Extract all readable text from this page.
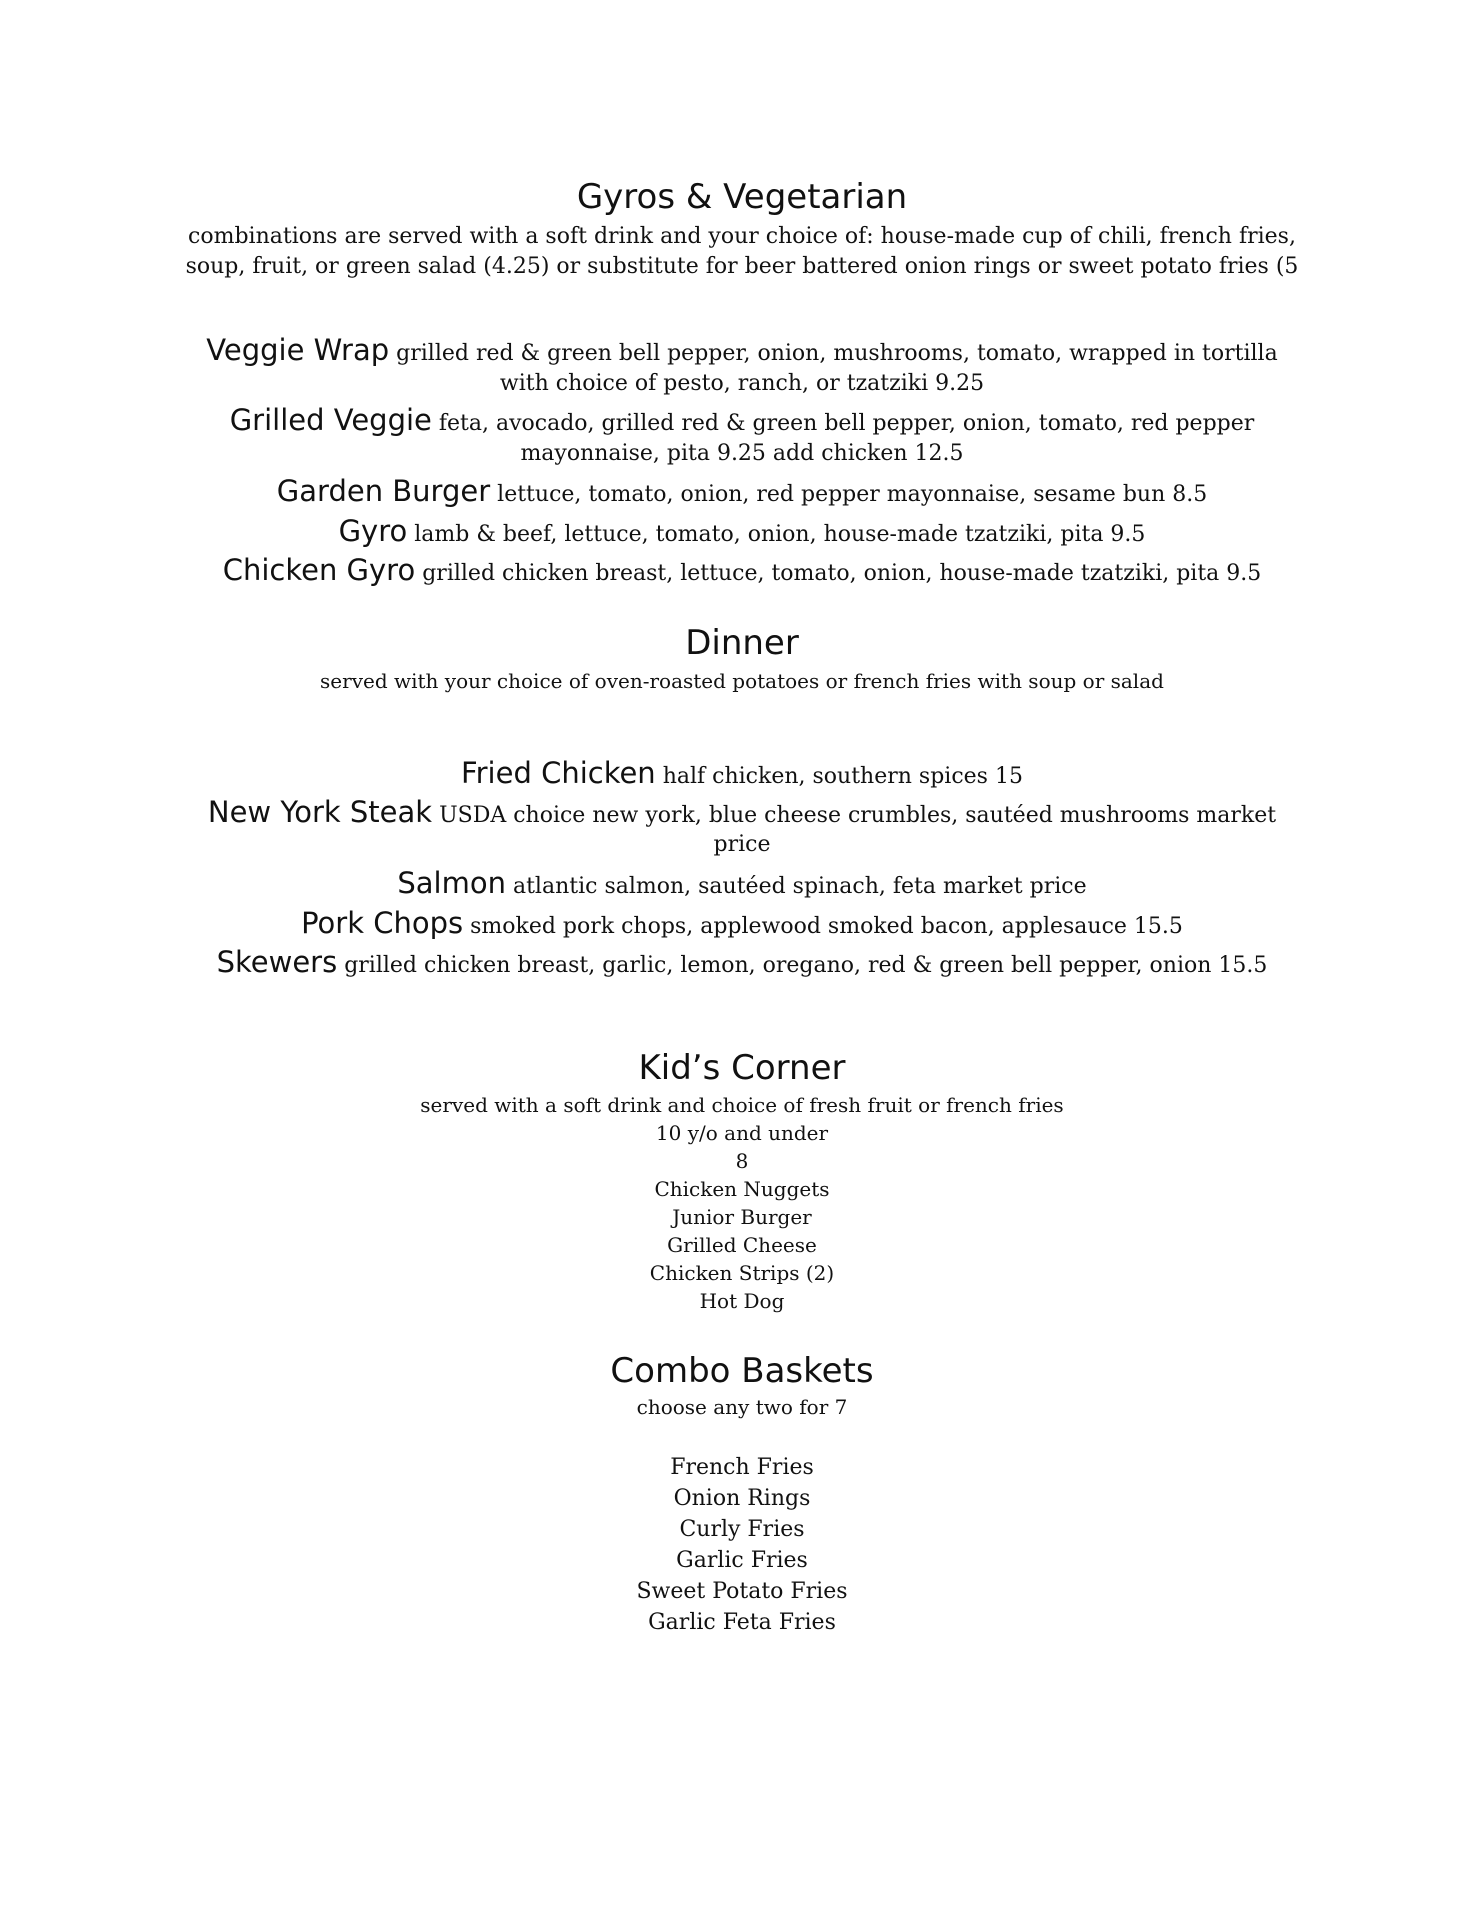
Gyros & Vegetarian
combinations are served with a soft drink and your choice of: house-made cup of chili, french fries,
soup, fruit, or green salad (4.25) or substitute for beer battered onion rings or sweet potato fries (5
Veggie Wrap grilled red & green bell pepper, onion, mushrooms, tomato, wrapped in tortilla
with choice of pesto, ranch, or tzatziki 9.25
Grilled Veggie feta, avocado, grilled red & green bell pepper, onion, tomato, red pepper
mayonnaise, pita 9.25 add chicken 12.5
Garden Burger lettuce, tomato, onion, red pepper mayonnaise, sesame bun 8.5
Gyro lamb & beef, lettuce, tomato, onion, house-made tzatziki, pita 9.5
Chicken Gyro grilled chicken breast, lettuce, tomato, onion, house-made tzatziki, pita 9.5
Dinner
served with your choice of oven-roasted potatoes or french fries with soup or salad
Fried Chicken half chicken, southern spices 15
New York Steak USDA choice new york, blue cheese crumbles, sautéed mushrooms market
price
Salmon atlantic salmon, sautéed spinach, feta market price
Pork Chops smoked pork chops, applewood smoked bacon, applesauce 15.5
Skewers grilled chicken breast, garlic, lemon, oregano, red & green bell pepper, onion 15.5
Kid’s Corner
served with a soft drink and choice of fresh fruit or french fries
10 y/o and under
8
Chicken Nuggets
Junior Burger
Grilled Cheese
Chicken Strips (2)
Hot Dog
Combo Baskets
choose any two for 7
French Fries
Onion Rings
Curly Fries
Garlic Fries
Sweet Potato Fries
Garlic Feta Fries
